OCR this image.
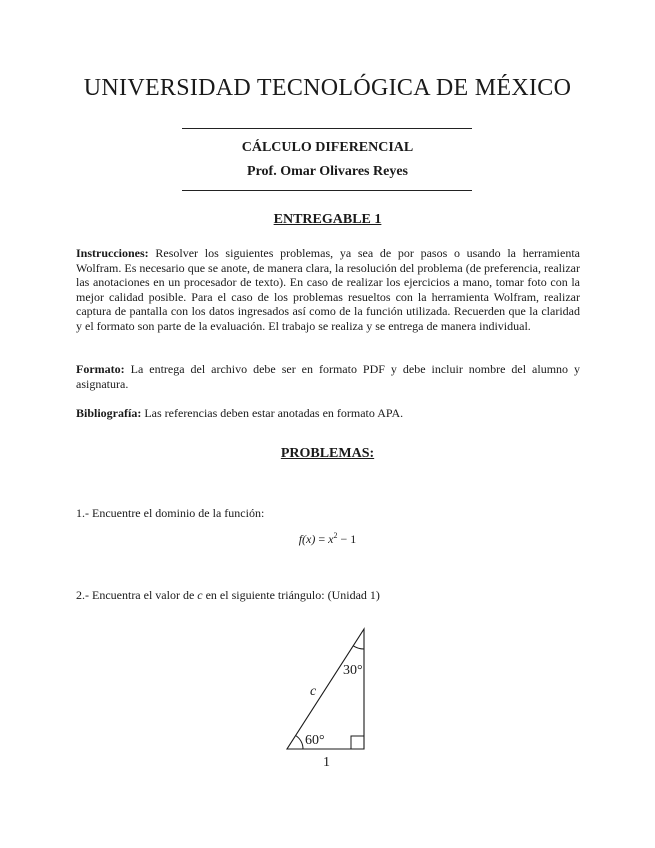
UNIVERSIDAD TECNOLÓGICA DE MÉXICO
CÁLCULO DIFERENCIAL
Prof. Omar Olivares Reyes
ENTREGABLE 1
Instrucciones: Resolver los siguientes problemas, ya sea de por pasos o usando la herramienta Wolfram. Es necesario que se anote, de manera clara, la resolución del problema (de preferencia, realizar las anotaciones en un procesador de texto). En caso de realizar los ejercicios a mano, tomar foto con la mejor calidad posible. Para el caso de los problemas resueltos con la herramienta Wolfram, realizar captura de pantalla con los datos ingresados así como de la función utilizada. Recuerden que la claridad y el formato son parte de la evaluación. El trabajo se realiza y se entrega de manera individual.
Formato: La entrega del archivo debe ser en formato PDF y debe incluir nombre del alumno y asignatura.
Bibliografía: Las referencias deben estar anotadas en formato APA.
PROBLEMAS:
1.- Encuentre el dominio de la función:
$f(x) = x^2 - 1$
2.- Encuentra el valor de c en el siguiente triángulo: (Unidad 1)
30°
60°
c
1
